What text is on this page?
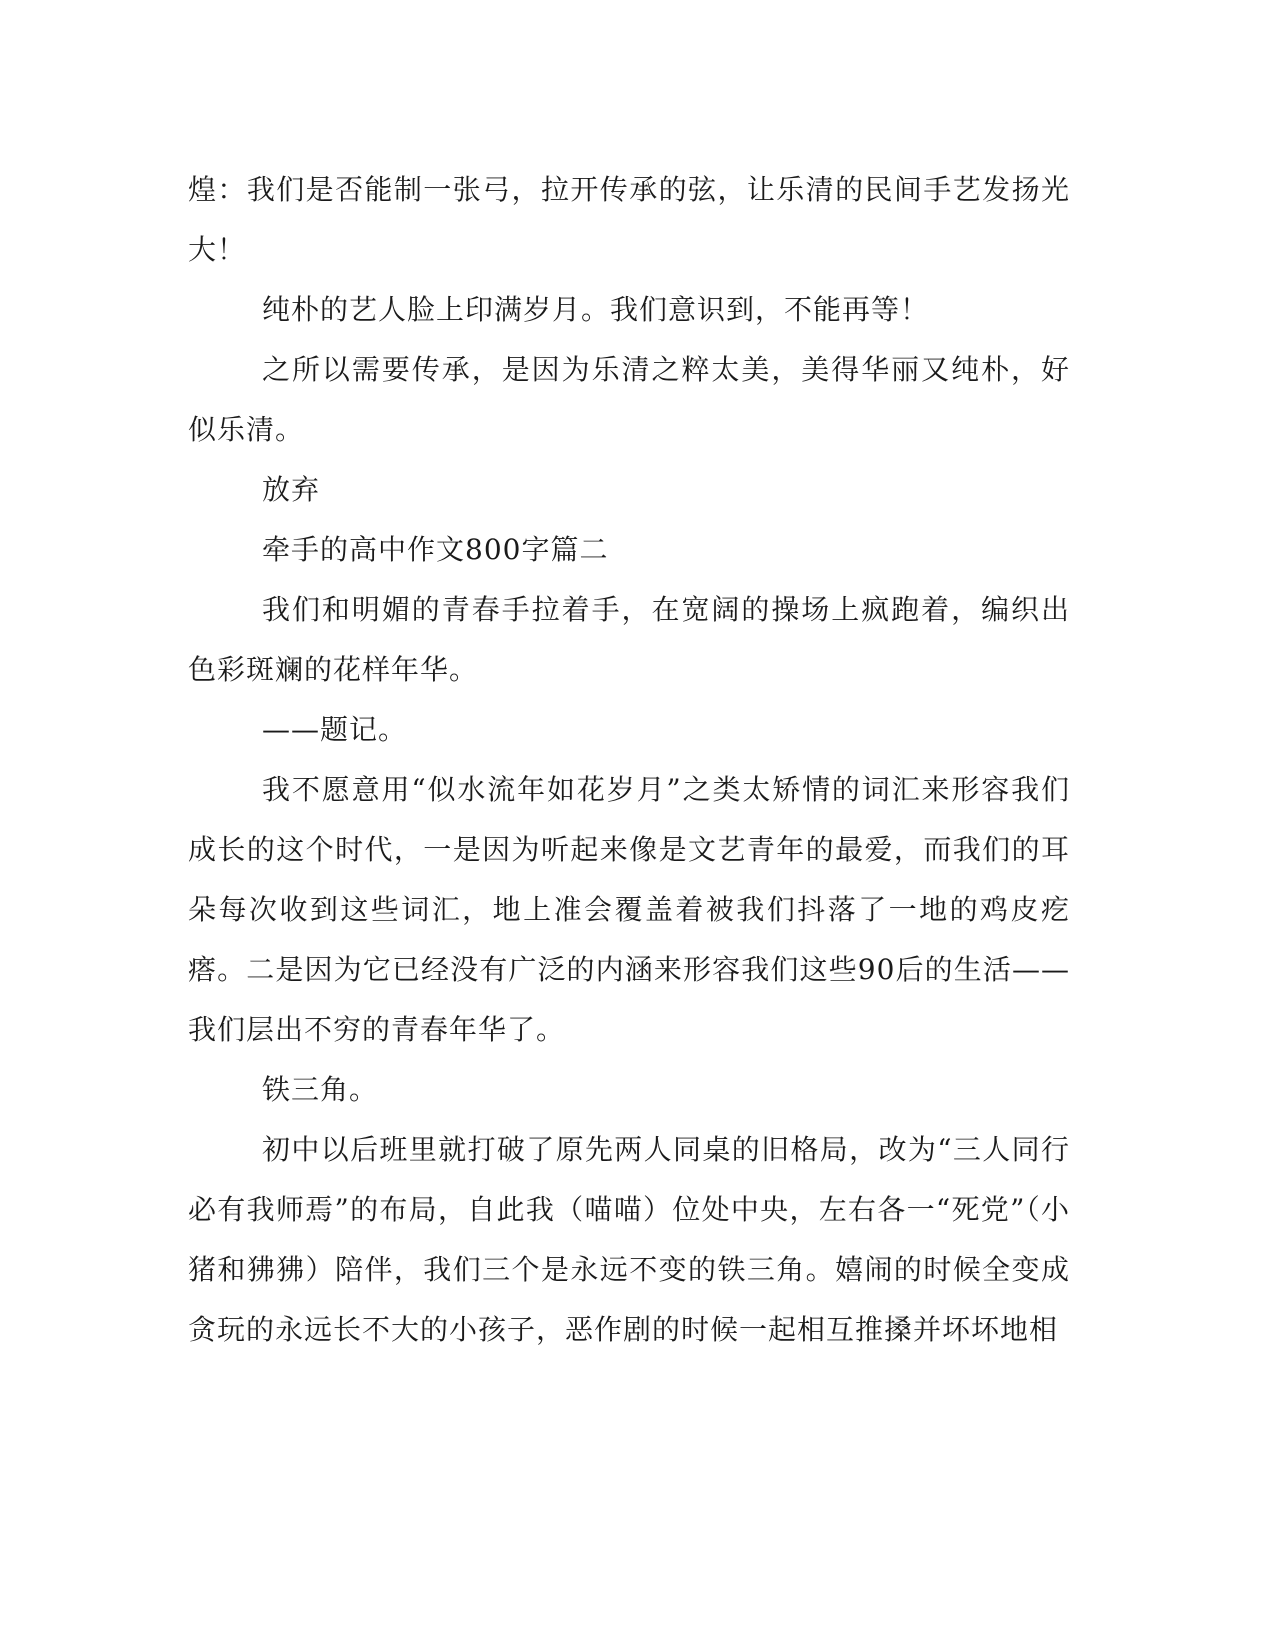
煌：我们是否能制一张弓，拉开传承的弦，让乐清的民间手艺发扬光大！

纯朴的艺人脸上印满岁月。我们意识到，不能再等！

之所以需要传承，是因为乐清之粹太美，美得华丽又纯朴，好似乐清。

放弃

牵手的高中作文800字篇二

我们和明媚的青春手拉着手，在宽阔的操场上疯跑着，编织出色彩斑斓的花样年华。

——题记。

我不愿意用“似水流年如花岁月”之类太矫情的词汇来形容我们成长的这个时代，一是因为听起来像是文艺青年的最爱，而我们的耳朵每次收到这些词汇，地上准会覆盖着被我们抖落了一地的鸡皮疙瘩。二是因为它已经没有广泛的内涵来形容我们这些90后的生活——我们层出不穷的青春年华了。

铁三角。

初中以后班里就打破了原先两人同桌的旧格局，改为“三人同行必有我师焉”的布局，自此我（喵喵）位处中央，左右各一“死党”（小猪和狒狒）陪伴，我们三个是永远不变的铁三角。嬉闹的时候全变成贪玩的永远长不大的小孩子，恶作剧的时候一起相互推搡并坏坏地相
